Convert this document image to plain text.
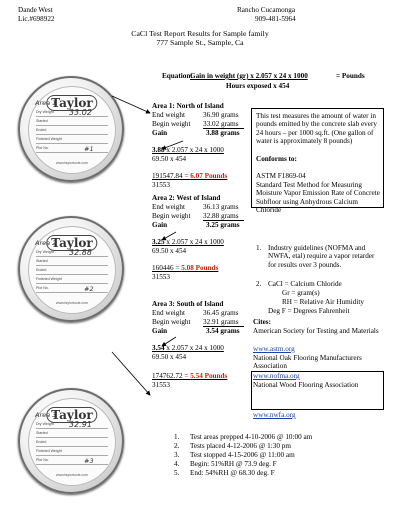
Dande West
Lic.#698922
Rancho Cucamonga
909-481-5964
CaCl Test Report Results for Sample family
777 Sample St., Sample, Ca
Equation:
Gain in weight (gr) x 2.057 x 24 x 1000	= Pounds
Hours exposed x 454
Taylor
Dry Weight
Started
Ended
Finished Weight
Plot No.
Area 1
33.02
#1
www.taylortools.com
Taylor
Dry Weight
Started
Ended
Finished Weight
Plot No.
Area 2
32.88
#2
www.taylortools.com
Taylor
Dry Weight
Started
Ended
Finished Weight
Plot No.
Area 3
32.91
#3
www.taylortools.com
Area 1: North of Island
End weight	36.90 grams
Begin weight 33.02 grams
Gain	3.88 grams
3.88 x 2.057 x 24 x 1000
69.50 x 454
191547.84 = 6.07 Pounds
31553
Area 2: West of Island
End weight	36.13 grams
Begin weight 32.88 grams
Gain	3.25 grams
3.25 x 2.057 x 24 x 1000
69.50 x 454
160446 = 5.08 Pounds
31553
Area 3: South of Island
End weight	36.45 grams
Begin weight 32.91 grams
Gain	3.54 grams
3.54 x 2.057 x 24 x 1000
69.50 x 454
174762.72 = 5.54 Pounds
31553
This test measures the amount of water in pounds emitted by the concrete slab every 24 hours – per 1000 sq.ft. (One gallon of water is approximately 8 pounds)
Conforms to:
ASTM F1869-04
Standard Test Method for Measuring Moisture Vapor Emission Rate of Concrete Subfloor using Anhydrous Calcium Chloride
1. Industry guidelines (NOFMA and NWFA, etal) require a vapor retarder for results over 3 pounds.
2. CaCl = Calcium Chloride
Gr = gram(s)
RH = Relative Air Humidity
Deg F = Degrees Fahrenheit
Cites:
American Society for Testing and Materials
www.astm.org
National Oak Flooring Manufacturers Association
www.nofma.org
National Wood Flooring Association
www.nwfa.org
1. Test areas prepped 4-10-2006 @ 10:00 am
2. Tests placed 4-12-2006 @ 1:30 pm
3. Test stopped 4-15-2006 @ 11:00 am
4. Begin: 51%RH @ 73.9 deg. F
5. End: 54%RH @ 68.30 deg. F
